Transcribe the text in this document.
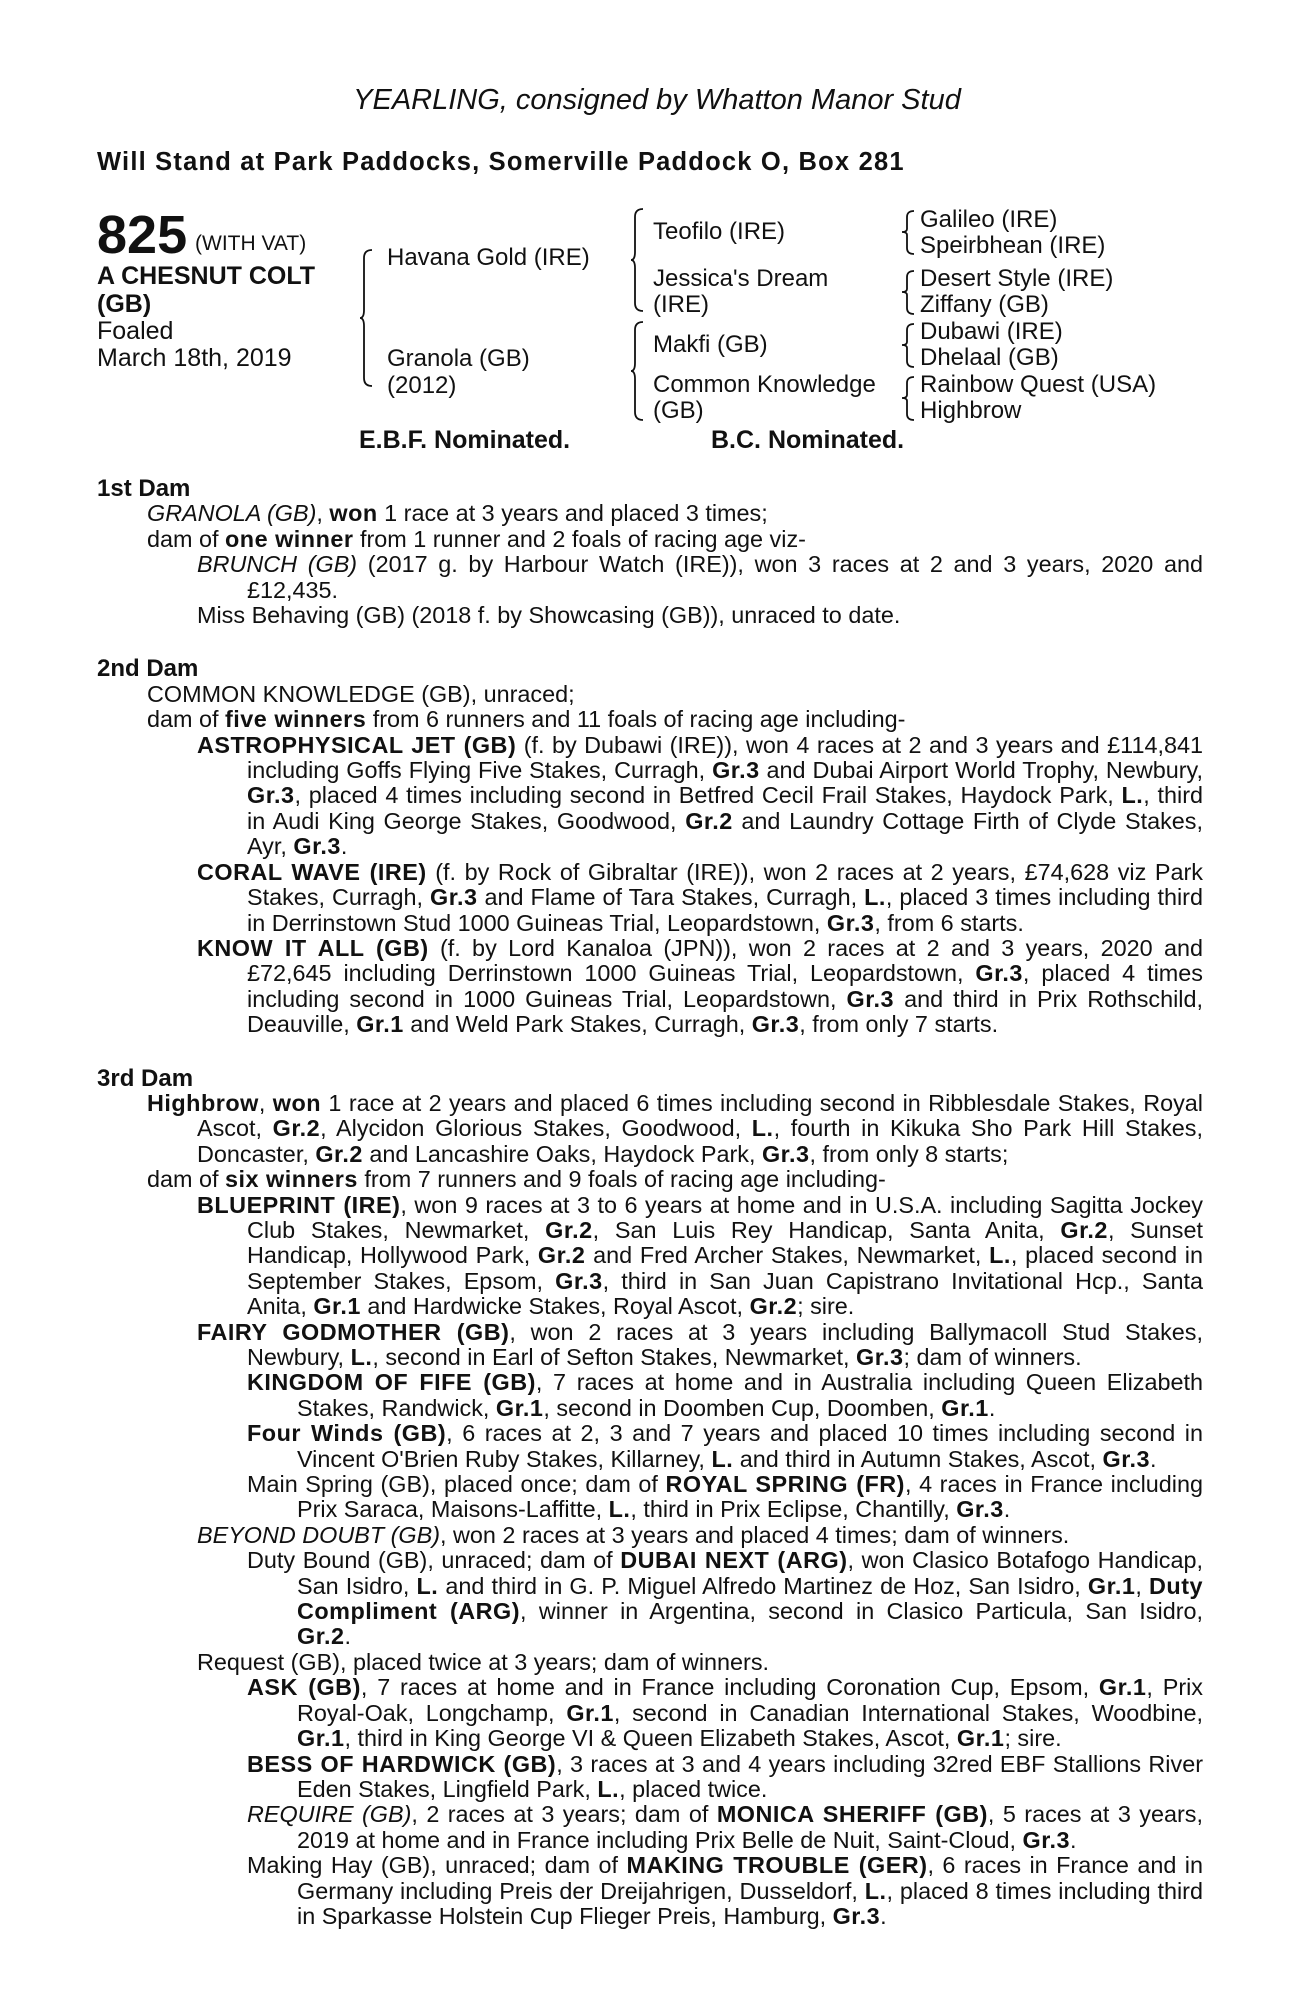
YEARLING, consigned by Whatton Manor Stud
Will Stand at Park Paddocks, Somerville Paddock O, Box 281
825 (WITH VAT)
A CHESNUT COLT
(GB)
Foaled
March 18th, 2019
Havana Gold (IRE)
Granola (GB)
(2012)
Teofilo (IRE)
Jessica's Dream
(IRE)
Makfi (GB)
Common Knowledge
(GB)
Galileo (IRE)
Speirbhean (IRE)
Desert Style (IRE)
Ziffany (GB)
Dubawi (IRE)
Dhelaal (GB)
Rainbow Quest (USA)
Highbrow
E.B.F. Nominated.	B.C. Nominated.
1st Dam
GRANOLA (GB), won 1 race at 3 years and placed 3 times;
dam of one winner from 1 runner and 2 foals of racing age viz-
BRUNCH (GB) (2017 g. by Harbour Watch (IRE)), won 3 races at 2 and 3 years, 2020 and £12,435.
Miss Behaving (GB) (2018 f. by Showcasing (GB)), unraced to date.
2nd Dam
COMMON KNOWLEDGE (GB), unraced;
dam of five winners from 6 runners and 11 foals of racing age including-
ASTROPHYSICAL JET (GB) (f. by Dubawi (IRE)), won 4 races at 2 and 3 years and £114,841 including Goffs Flying Five Stakes, Curragh, Gr.3 and Dubai Airport World Trophy, Newbury, Gr.3, placed 4 times including second in Betfred Cecil Frail Stakes, Haydock Park, L., third in Audi King George Stakes, Goodwood, Gr.2 and Laundry Cottage Firth of Clyde Stakes, Ayr, Gr.3.
CORAL WAVE (IRE) (f. by Rock of Gibraltar (IRE)), won 2 races at 2 years, £74,628 viz Park Stakes, Curragh, Gr.3 and Flame of Tara Stakes, Curragh, L., placed 3 times including third in Derrinstown Stud 1000 Guineas Trial, Leopardstown, Gr.3, from 6 starts.
KNOW IT ALL (GB) (f. by Lord Kanaloa (JPN)), won 2 races at 2 and 3 years, 2020 and £72,645 including Derrinstown 1000 Guineas Trial, Leopardstown, Gr.3, placed 4 times including second in 1000 Guineas Trial, Leopardstown, Gr.3 and third in Prix Rothschild, Deauville, Gr.1 and Weld Park Stakes, Curragh, Gr.3, from only 7 starts.
3rd Dam
Highbrow, won 1 race at 2 years and placed 6 times including second in Ribblesdale Stakes, Royal Ascot, Gr.2, Alycidon Glorious Stakes, Goodwood, L., fourth in Kikuka Sho Park Hill Stakes, Doncaster, Gr.2 and Lancashire Oaks, Haydock Park, Gr.3, from only 8 starts;
dam of six winners from 7 runners and 9 foals of racing age including-
BLUEPRINT (IRE), won 9 races at 3 to 6 years at home and in U.S.A. including Sagitta Jockey Club Stakes, Newmarket, Gr.2, San Luis Rey Handicap, Santa Anita, Gr.2, Sunset Handicap, Hollywood Park, Gr.2 and Fred Archer Stakes, Newmarket, L., placed second in September Stakes, Epsom, Gr.3, third in San Juan Capistrano Invitational Hcp., Santa Anita, Gr.1 and Hardwicke Stakes, Royal Ascot, Gr.2; sire.
FAIRY GODMOTHER (GB), won 2 races at 3 years including Ballymacoll Stud Stakes, Newbury, L., second in Earl of Sefton Stakes, Newmarket, Gr.3; dam of winners.
KINGDOM OF FIFE (GB), 7 races at home and in Australia including Queen Elizabeth Stakes, Randwick, Gr.1, second in Doomben Cup, Doomben, Gr.1.
Four Winds (GB), 6 races at 2, 3 and 7 years and placed 10 times including second in Vincent O'Brien Ruby Stakes, Killarney, L. and third in Autumn Stakes, Ascot, Gr.3.
Main Spring (GB), placed once; dam of ROYAL SPRING (FR), 4 races in France including Prix Saraca, Maisons-Laffitte, L., third in Prix Eclipse, Chantilly, Gr.3.
BEYOND DOUBT (GB), won 2 races at 3 years and placed 4 times; dam of winners.
Duty Bound (GB), unraced; dam of DUBAI NEXT (ARG), won Clasico Botafogo Handicap, San Isidro, L. and third in G. P. Miguel Alfredo Martinez de Hoz, San Isidro, Gr.1, Duty Compliment (ARG), winner in Argentina, second in Clasico Particula, San Isidro, Gr.2.
Request (GB), placed twice at 3 years; dam of winners.
ASK (GB), 7 races at home and in France including Coronation Cup, Epsom, Gr.1, Prix Royal-Oak, Longchamp, Gr.1, second in Canadian International Stakes, Woodbine, Gr.1, third in King George VI & Queen Elizabeth Stakes, Ascot, Gr.1; sire.
BESS OF HARDWICK (GB), 3 races at 3 and 4 years including 32red EBF Stallions River Eden Stakes, Lingfield Park, L., placed twice.
REQUIRE (GB), 2 races at 3 years; dam of MONICA SHERIFF (GB), 5 races at 3 years, 2019 at home and in France including Prix Belle de Nuit, Saint-Cloud, Gr.3.
Making Hay (GB), unraced; dam of MAKING TROUBLE (GER), 6 races in France and in Germany including Preis der Dreijahrigen, Dusseldorf, L., placed 8 times including third in Sparkasse Holstein Cup Flieger Preis, Hamburg, Gr.3.
